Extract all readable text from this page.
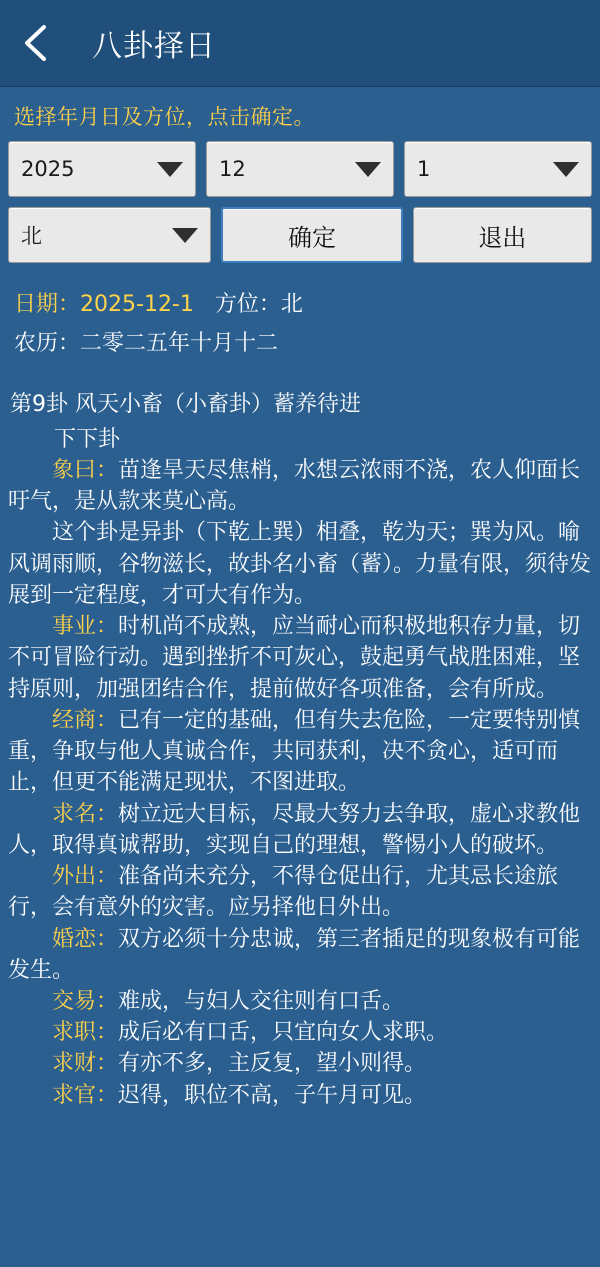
八卦择日
选择年月日及方位，点击确定。
2025	12	1
北	确定	退出
日期：2025-12-1 方位：北
农历：二零二五年十月十二
第9卦 风天小畜（小畜卦）蓄养待进
下下卦

象曰：苗逢旱天尽焦梢，水想云浓雨不浇，农人仰面长吁气，是从款来莫心高。

这个卦是异卦（下乾上巽）相叠，乾为天；巽为风。喻风调雨顺，谷物滋长，故卦名小畜（蓄）。力量有限，须待发展到一定程度，才可大有作为。

事业：时机尚不成熟，应当耐心而积极地积存力量，切不可冒险行动。遇到挫折不可灰心，鼓起勇气战胜困难，坚持原则，加强团结合作，提前做好各项准备，会有所成。

经商：已有一定的基础，但有失去危险，一定要特别慎重，争取与他人真诚合作，共同获利，决不贪心，适可而止，但更不能满足现状，不图进取。

求名：树立远大目标，尽最大努力去争取，虚心求教他人，取得真诚帮助，实现自己的理想，警惕小人的破坏。

外出：准备尚未充分，不得仓促出行，尤其忌长途旅行，会有意外的灾害。应另择他日外出。

婚恋：双方必须十分忠诚，第三者插足的现象极有可能发生。

交易：难成，与妇人交往则有口舌。

求职：成后必有口舌，只宜向女人求职。

求财：有亦不多，主反复，望小则得。

求官：迟得，职位不高，子午月可见。
